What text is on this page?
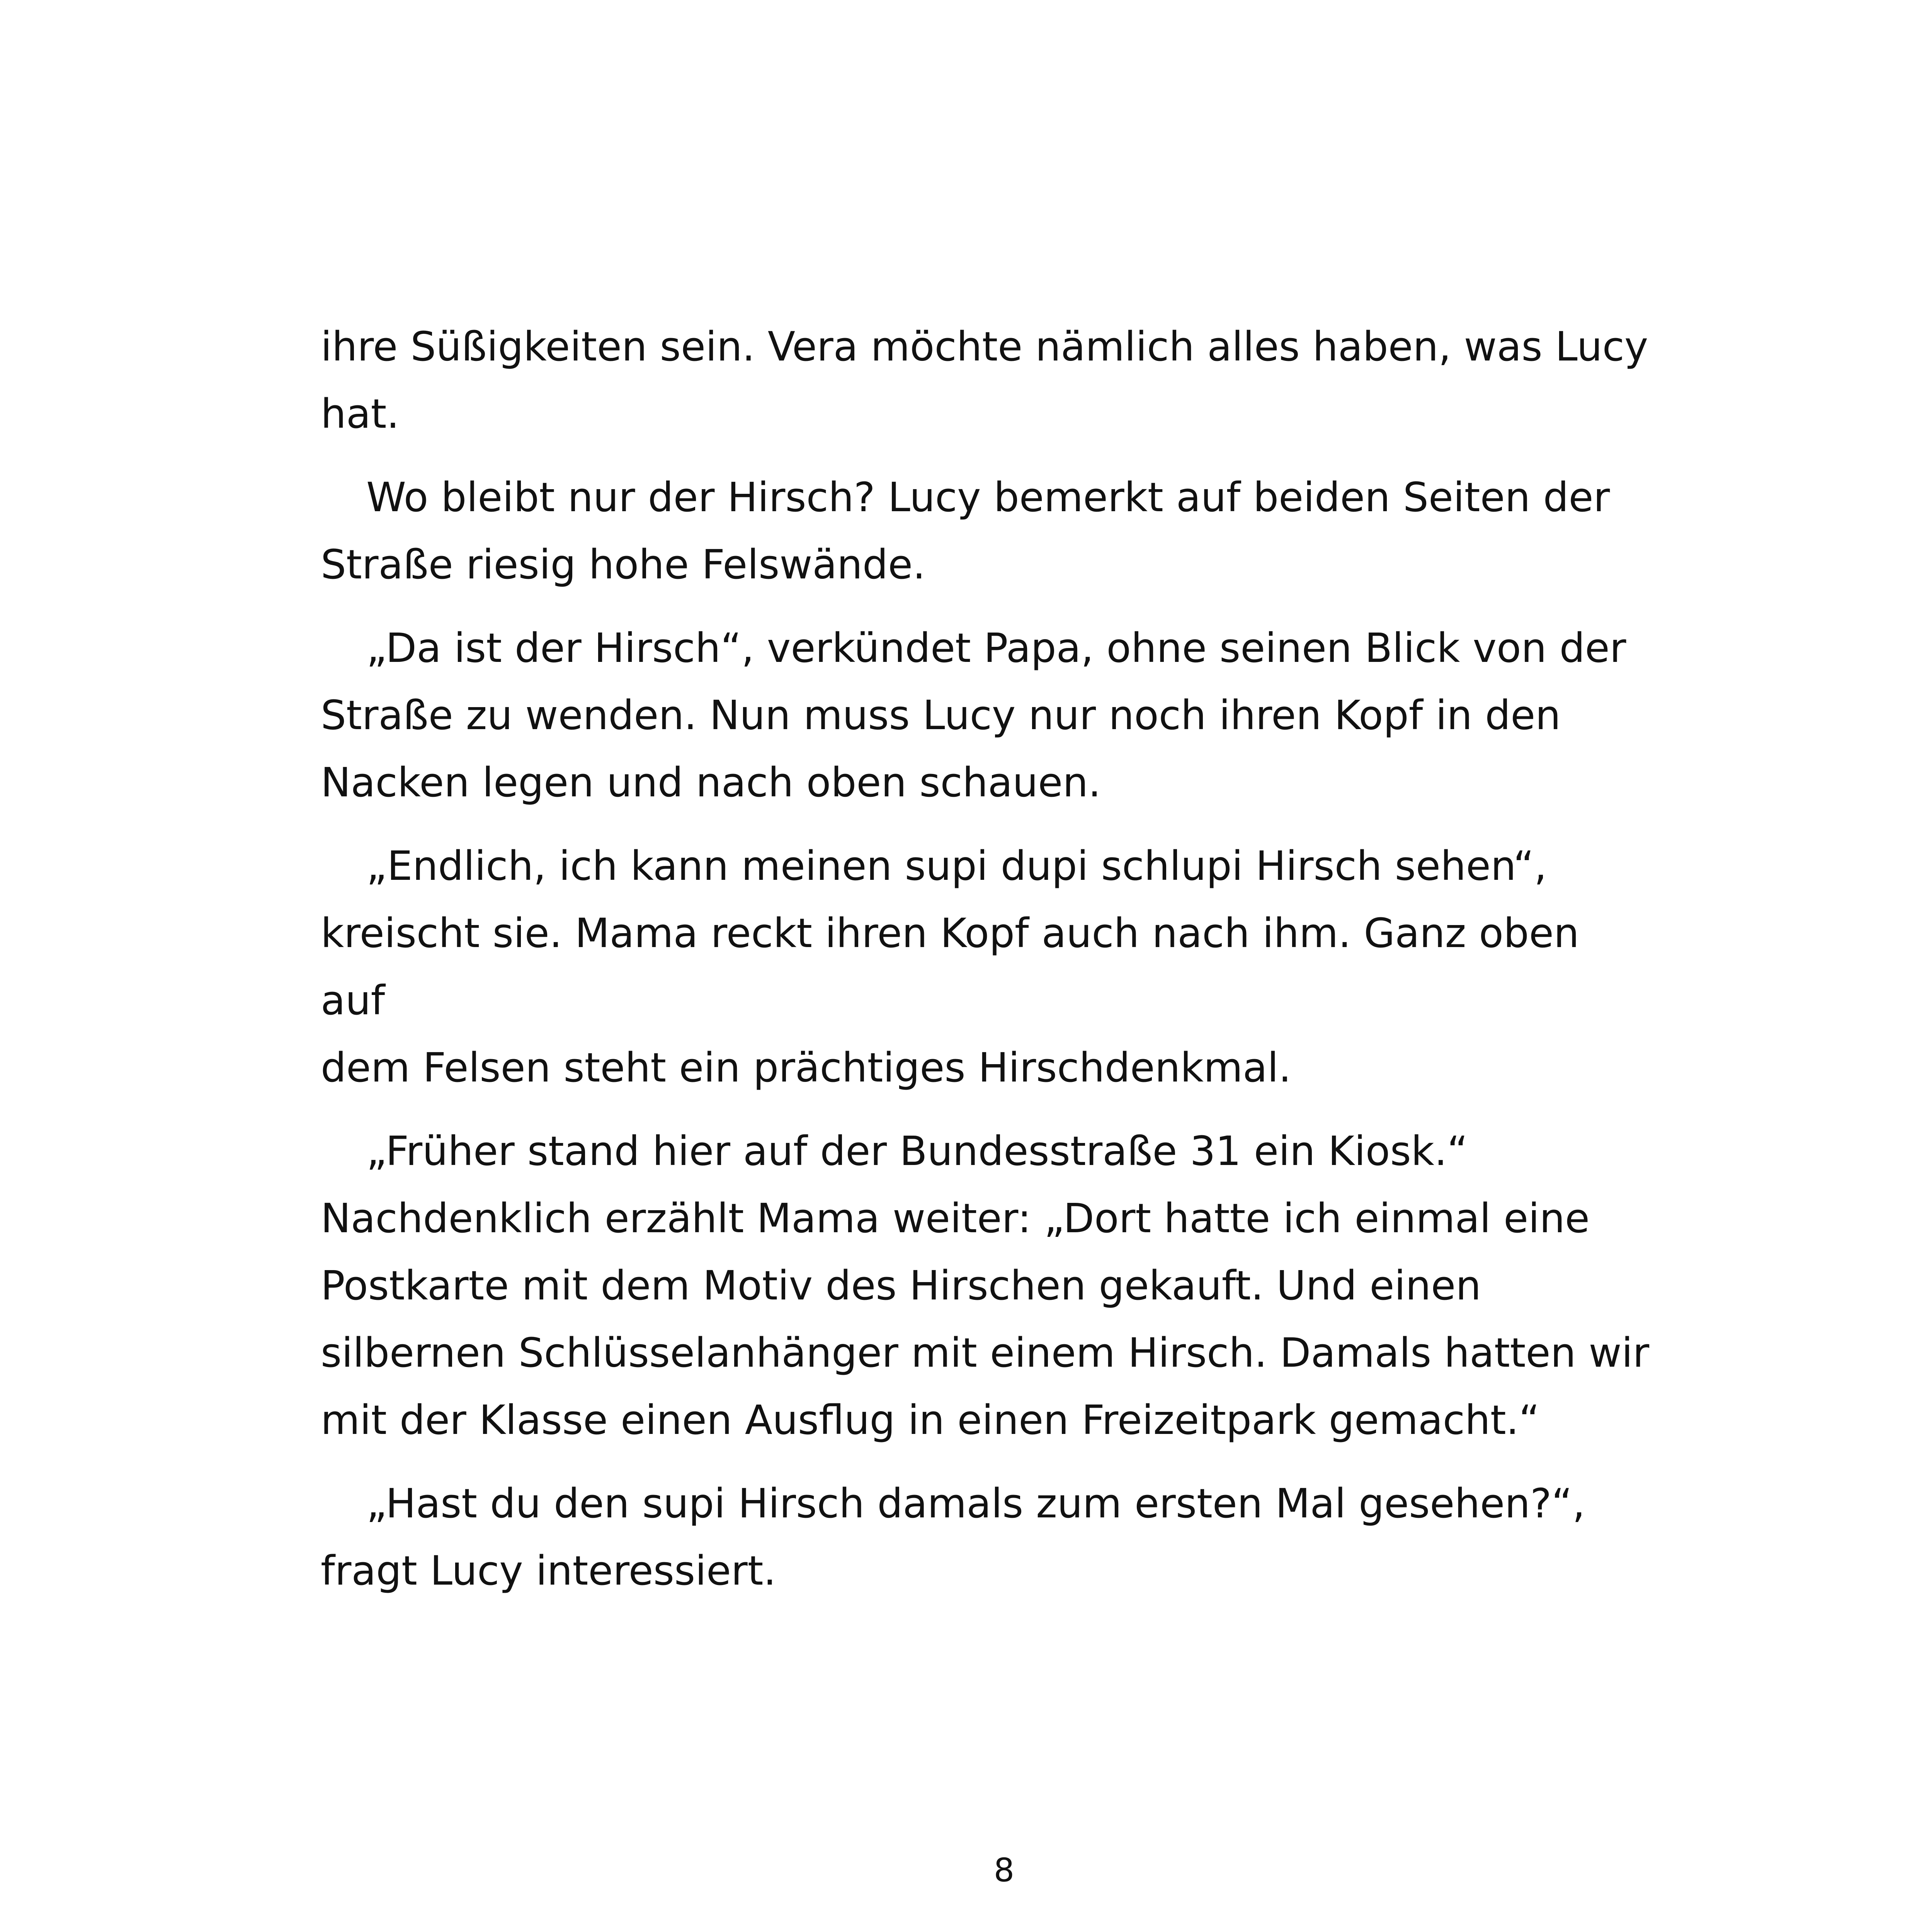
ihre Süßigkeiten sein. Vera möchte nämlich alles haben, was Lucy
hat.

Wo bleibt nur der Hirsch? Lucy bemerkt auf beiden Seiten der
Straße riesig hohe Felswände.

„Da ist der Hirsch“, verkündet Papa, ohne seinen Blick von der
Straße zu wenden. Nun muss Lucy nur noch ihren Kopf in den
Nacken legen und nach oben schauen.

„Endlich, ich kann meinen supi dupi schlupi Hirsch sehen“,
kreischt sie. Mama reckt ihren Kopf auch nach ihm. Ganz oben auf
dem Felsen steht ein prächtiges Hirschdenkmal.

„Früher stand hier auf der Bundesstraße 31 ein Kiosk.“
Nachdenklich erzählt Mama weiter: „Dort hatte ich einmal eine
Postkarte mit dem Motiv des Hirschen gekauft. Und einen
silbernen Schlüsselanhänger mit einem Hirsch. Damals hatten wir
mit der Klasse einen Ausflug in einen Freizeitpark gemacht.“

„Hast du den supi Hirsch damals zum ersten Mal gesehen?“,
fragt Lucy interessiert.

8
